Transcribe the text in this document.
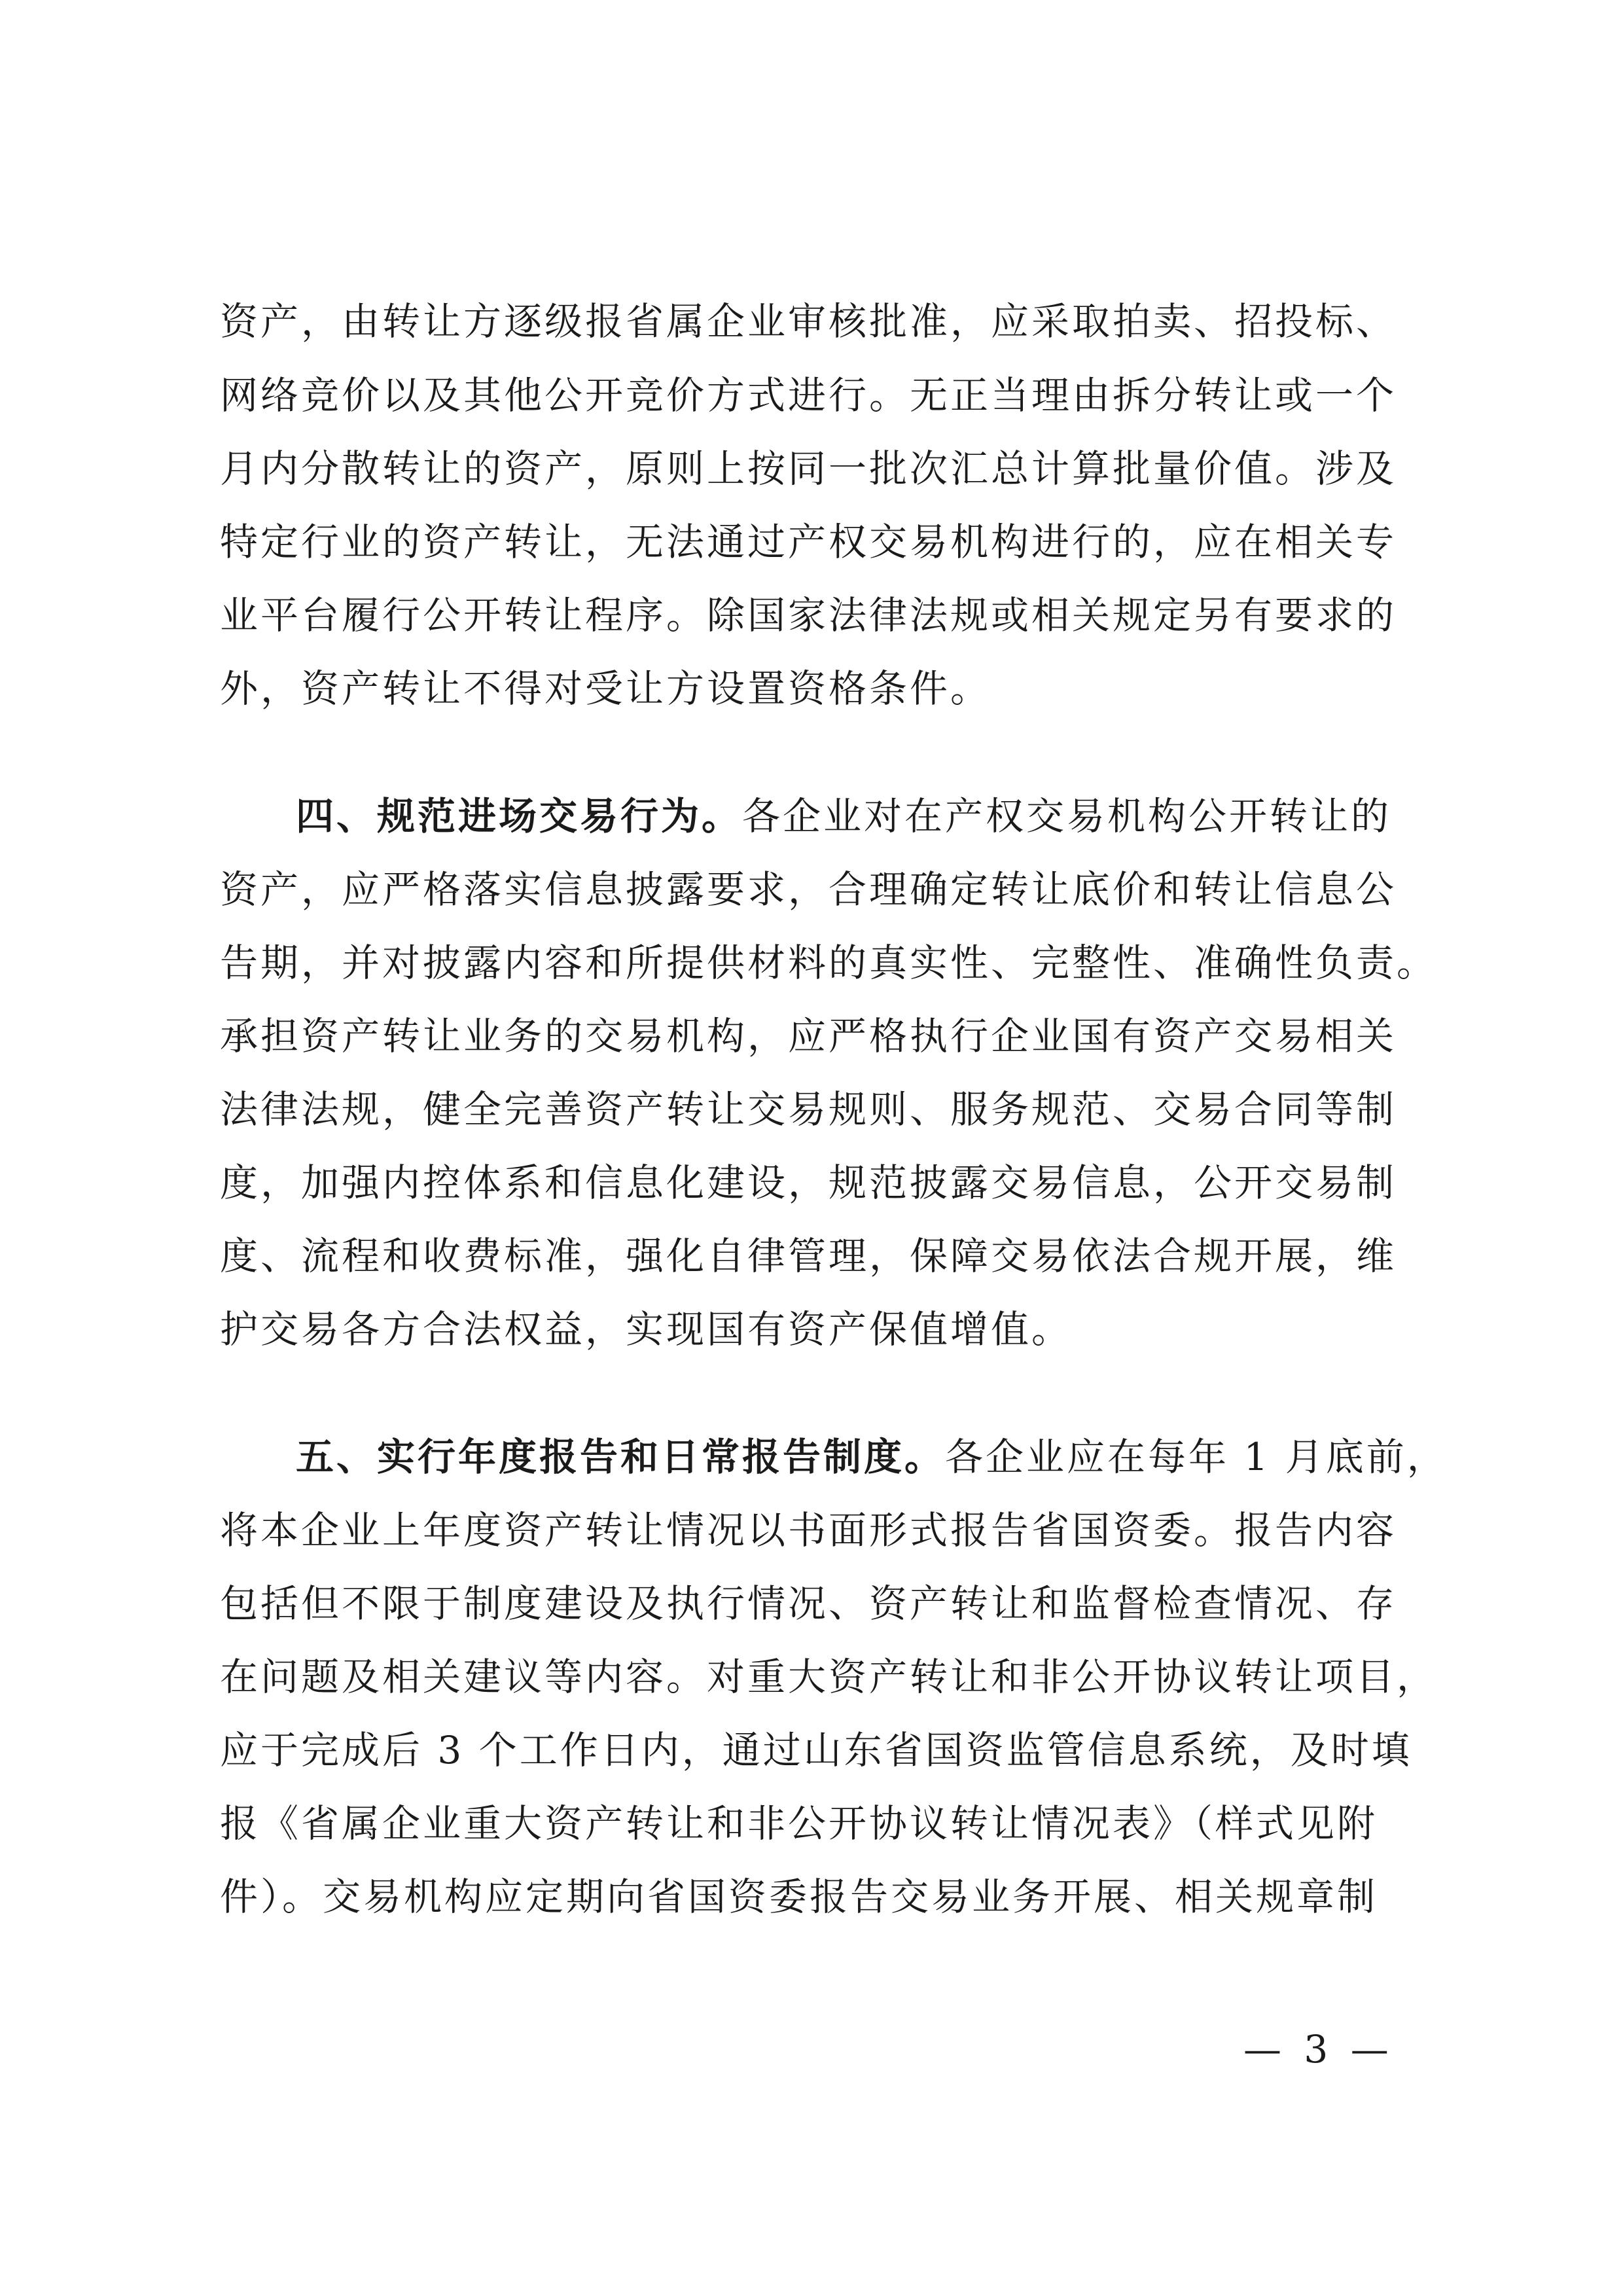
资产，由转让方逐级报省属企业审核批准，应采取拍卖、招投标、
网络竞价以及其他公开竞价方式进行。无正当理由拆分转让或一个
月内分散转让的资产，原则上按同一批次汇总计算批量价值。涉及
特定行业的资产转让，无法通过产权交易机构进行的，应在相关专
业平台履行公开转让程序。除国家法律法规或相关规定另有要求的
外，资产转让不得对受让方设置资格条件。
四、规范进场交易行为。各企业对在产权交易机构公开转让的
资产，应严格落实信息披露要求，合理确定转让底价和转让信息公
告期，并对披露内容和所提供材料的真实性、完整性、准确性负责。
承担资产转让业务的交易机构，应严格执行企业国有资产交易相关
法律法规，健全完善资产转让交易规则、服务规范、交易合同等制
度，加强内控体系和信息化建设，规范披露交易信息，公开交易制
度、流程和收费标准，强化自律管理，保障交易依法合规开展，维
护交易各方合法权益，实现国有资产保值增值。
五、实行年度报告和日常报告制度。各企业应在每年 1 月底前，
将本企业上年度资产转让情况以书面形式报告省国资委。报告内容
包括但不限于制度建设及执行情况、资产转让和监督检查情况、存
在问题及相关建议等内容。对重大资产转让和非公开协议转让项目，
应于完成后 3 个工作日内，通过山东省国资监管信息系统，及时填
报《省属企业重大资产转让和非公开协议转让情况表》（样式见附
件）。交易机构应定期向省国资委报告交易业务开展、相关规章制
— 3 —
